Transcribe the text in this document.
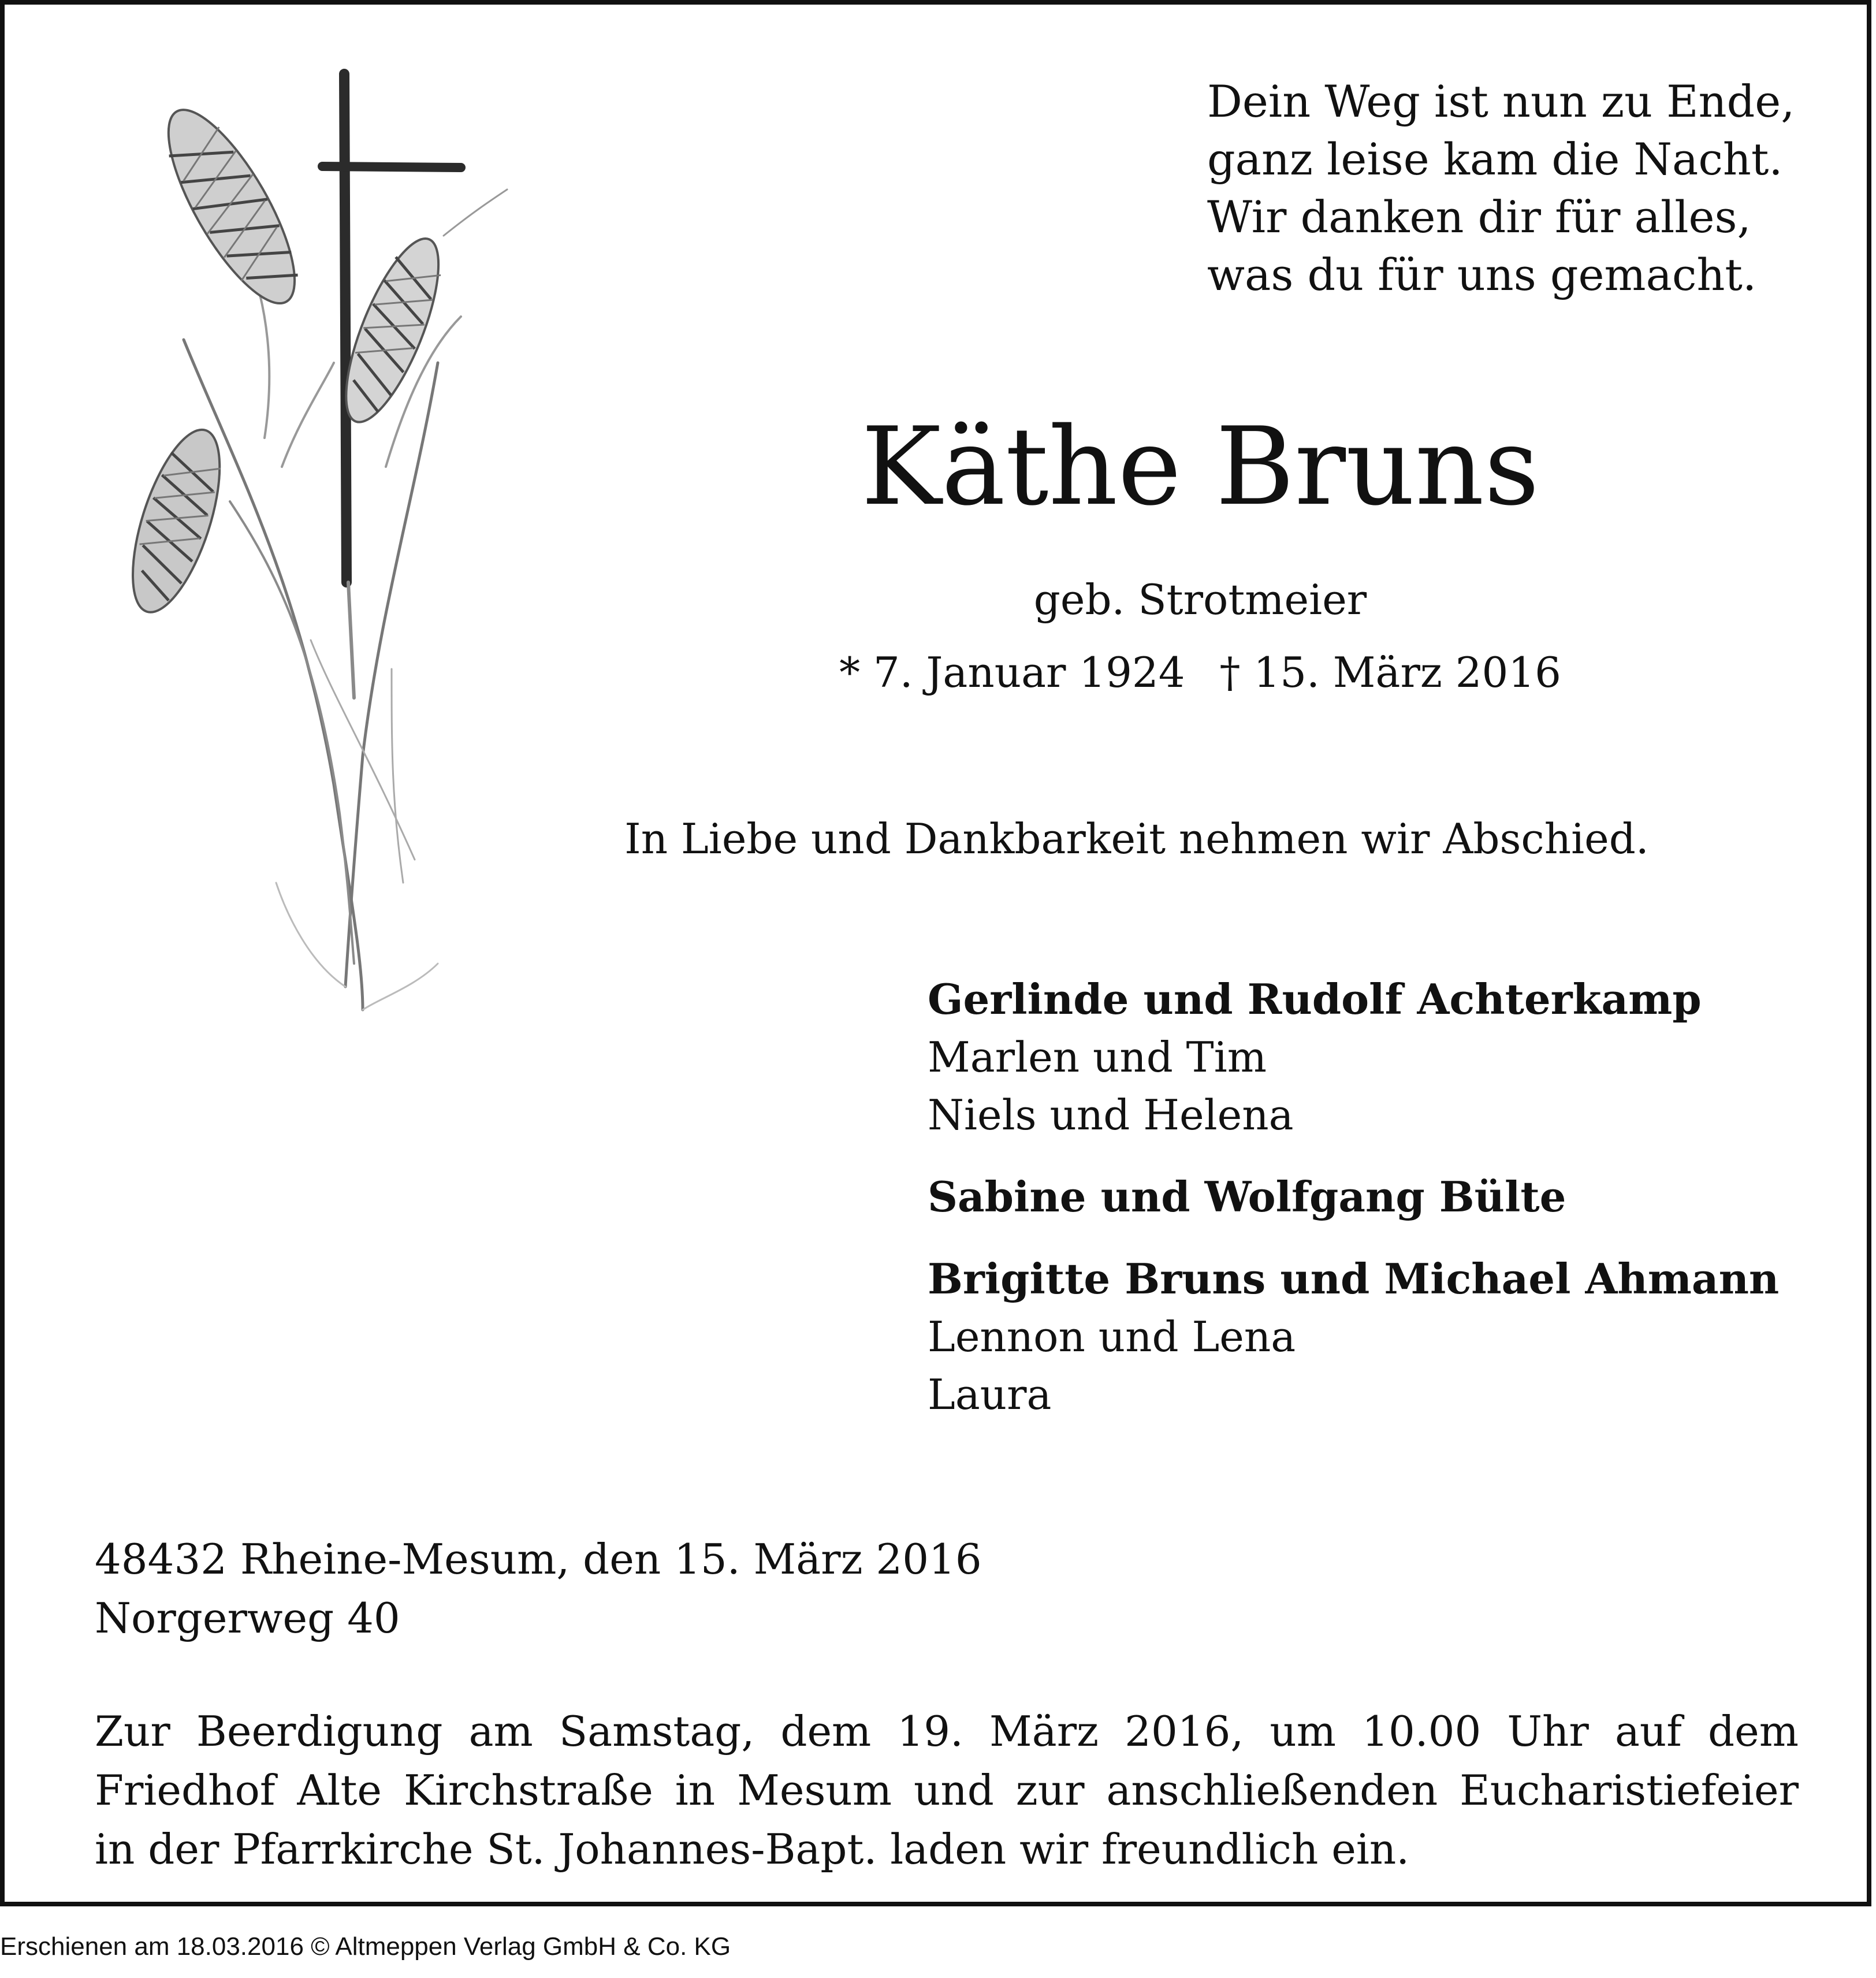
Dein Weg ist nun zu Ende,
ganz leise kam die Nacht.
Wir danken dir für alles,
was du für uns gemacht.
Käthe Bruns
geb. Strotmeier
* 7. Januar 1924 † 15. März 2016
In Liebe und Dankbarkeit nehmen wir Abschied.
Gerlinde und Rudolf Achterkamp
Marlen und Tim
Niels und Helena
Sabine und Wolfgang Bülte
Brigitte Bruns und Michael Ahmann
Lennon und Lena
Laura
48432 Rheine-Mesum, den 15. März 2016
Norgerweg 40
Zur Beerdigung am Samstag, dem 19. März 2016, um 10.00 Uhr auf dem
Friedhof Alte Kirchstraße in Mesum und zur anschließenden Eucharistiefeier
in der Pfarrkirche St. Johannes-Bapt. laden wir freundlich ein.
Erschienen am 18.03.2016 © Altmeppen Verlag GmbH & Co. KG
